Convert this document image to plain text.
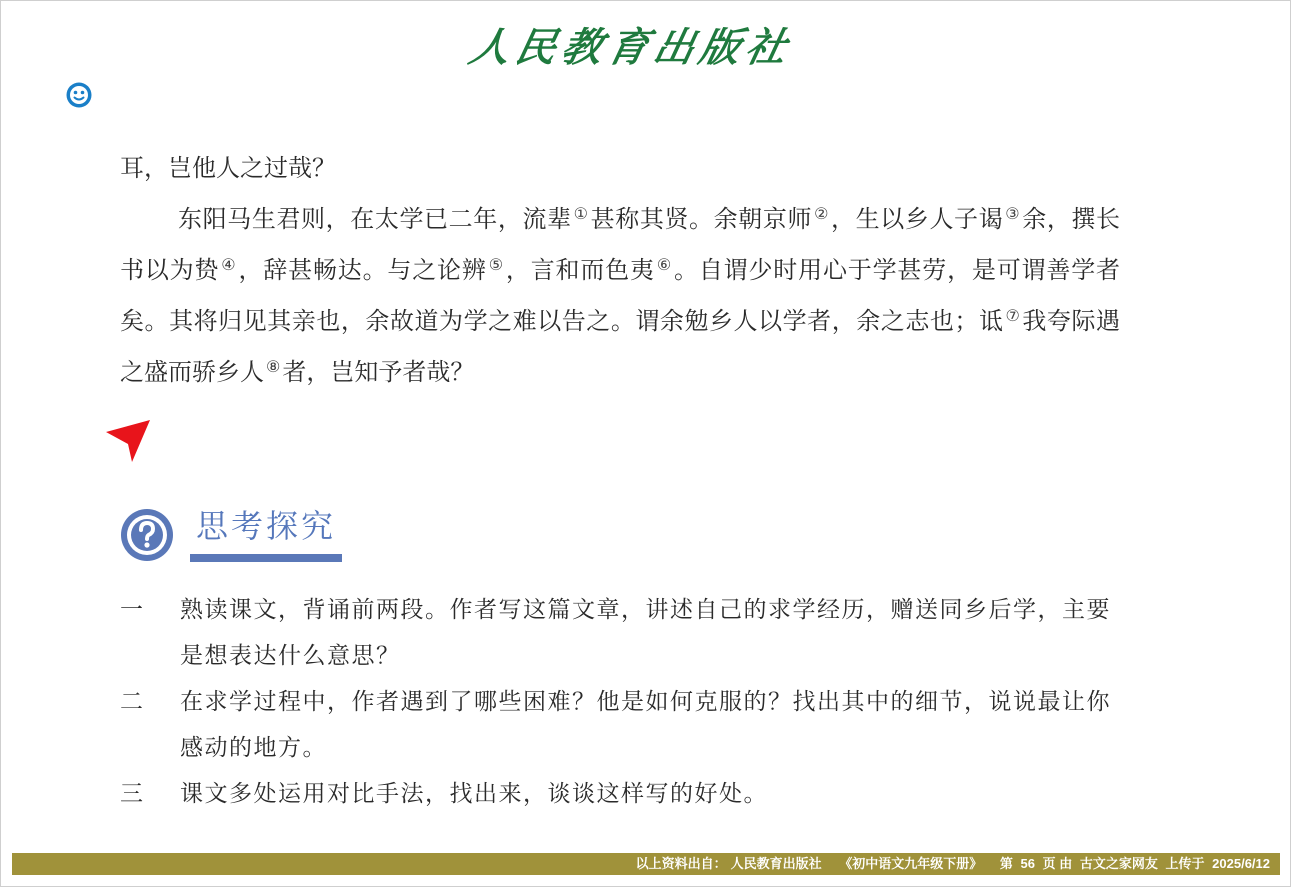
人民教育出版社

耳，岂他人之过哉？

东阳马生君则，在太学已二年，流辈 ①甚称其贤。余朝京师 ②，生以乡人子谒 ③余，撰长书以为贽 ④，辞甚畅达。与之论辨 ⑤，言和而色夷 ⑥。自谓少时用心于学甚劳，是可谓善学者矣。其将归见其亲也，余故道为学之难以告之。谓余勉乡人以学者，余之志也；诋 ⑦我夸际遇之盛而骄乡人 ⑧者，岂知予者哉？

思考探究
一	熟读课文，背诵前两段。作者写这篇文章，讲述自己的求学经历，赠送同乡后学，主要是想表达什么意思？
二	在求学过程中，作者遇到了哪些困难？他是如何克服的？找出其中的细节，说说最让你感动的地方。
三	课文多处运用对比手法，找出来，谈谈这样写的好处。
以上资料出自： 人民教育出版社 《初中语文九年级下册》 第 56 页 由 古文之家网友 上传于 2025/6/12
